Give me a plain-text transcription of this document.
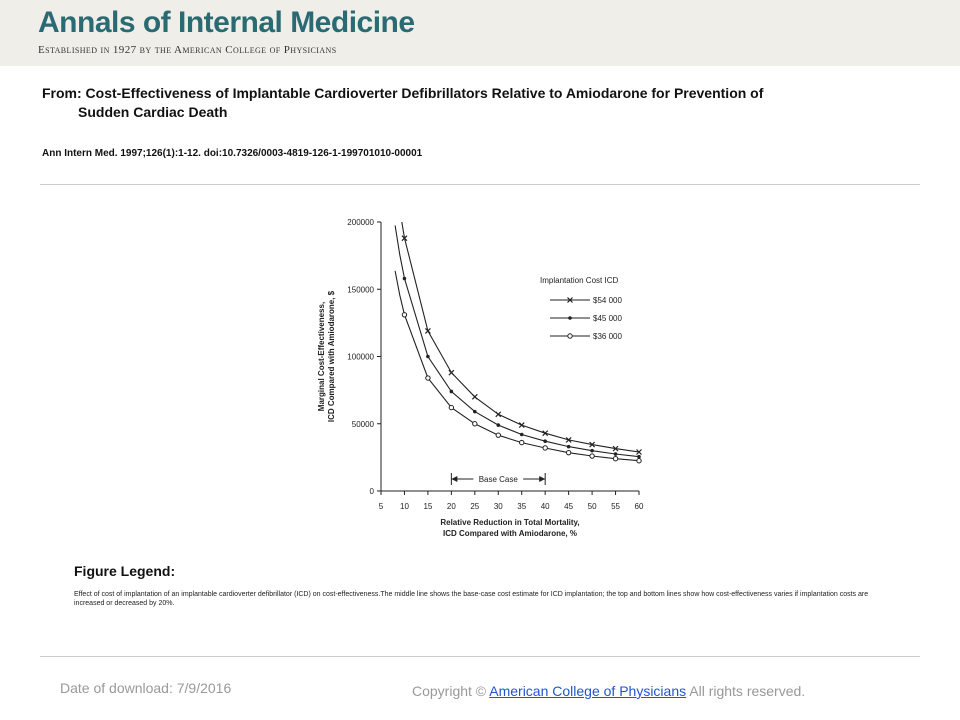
Annals of Internal Medicine
Established in 1927 by the American College of Physicians
From: Cost-Effectiveness of Implantable Cardioverter Defibrillators Relative to Amiodarone for Prevention of
Sudden Cardiac Death
Ann Intern Med. 1997;126(1):1-12. doi:10.7326/0003-4819-126-1-199701010-00001
0
50000
100000
150000
200000
5 10 15 20 25 30 35 40 45 50 55 60
Marginal Cost-Effectiveness, ICD Compared with Amiodarone, $
Relative Reduction in Total Mortality,
ICD Compared with Amiodarone, %
Base Case
Implantation Cost ICD
$54 000
$45 000
$36 000
Figure Legend:
Effect of cost of implantation of an implantable cardioverter defibrillator (ICD) on cost-effectiveness.The middle line shows the base-case cost estimate for ICD implantation; the top and bottom lines show how cost-effectiveness varies if implantation costs are increased or decreased by 20%.
Date of download: 7/9/2016	Copyright © American College of Physicians All rights reserved.
